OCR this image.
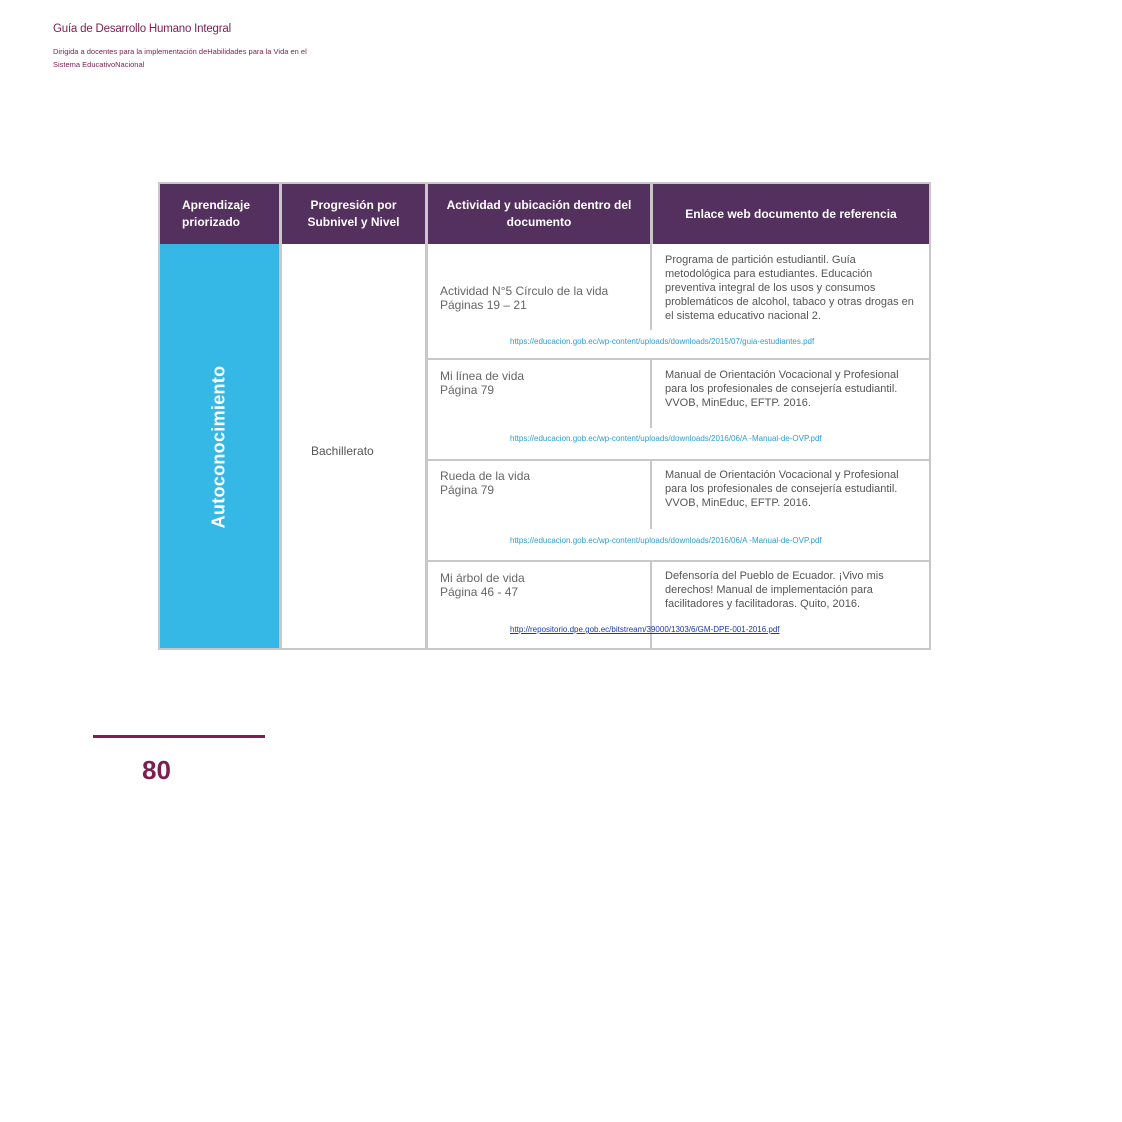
Guía de Desarrollo Humano Integral
Dirigida a docentes para la implementación deHabilidades para la Vida en el Sistema EducativoNacional
Aprendizaje priorizado
Progresión por Subnivel y Nivel
Actividad y ubicación dentro del documento
Enlace web documento de referencia
Autoconocimiento	Bachillerato
Actividad N°5 Círculo de la vida
Páginas 19 – 21
Programa de partición estudiantil. Guía metodológica para estudiantes. Educación preventiva integral de los usos y consumos problemáticos de alcohol, tabaco y otras drogas en el sistema educativo nacional 2.
https://educacion.gob.ec/wp-content/uploads/downloads/2015/07/guia-estudiantes.pdf
Mi línea de vida
Página 79
Manual de Orientación Vocacional y Profesional para los profesionales de consejería estudiantil. VVOB, MinEduc, EFTP. 2016.
https://educacion.gob.ec/wp-content/uploads/downloads/2016/06/A -Manual-de-OVP.pdf
Rueda de la vida
Página 79
Manual de Orientación Vocacional y Profesional para los profesionales de consejería estudiantil. VVOB, MinEduc, EFTP. 2016.
https://educacion.gob.ec/wp-content/uploads/downloads/2016/06/A -Manual-de-OVP.pdf
Mi árbol de vida
Página 46 - 47
Defensoría del Pueblo de Ecuador. ¡Vivo mis derechos! Manual de implementación para facilitadores y facilitadoras. Quito, 2016.
http://repositorio.dpe.gob.ec/bitstream/39000/1303/6/GM-DPE-001-2016.pdf
80
